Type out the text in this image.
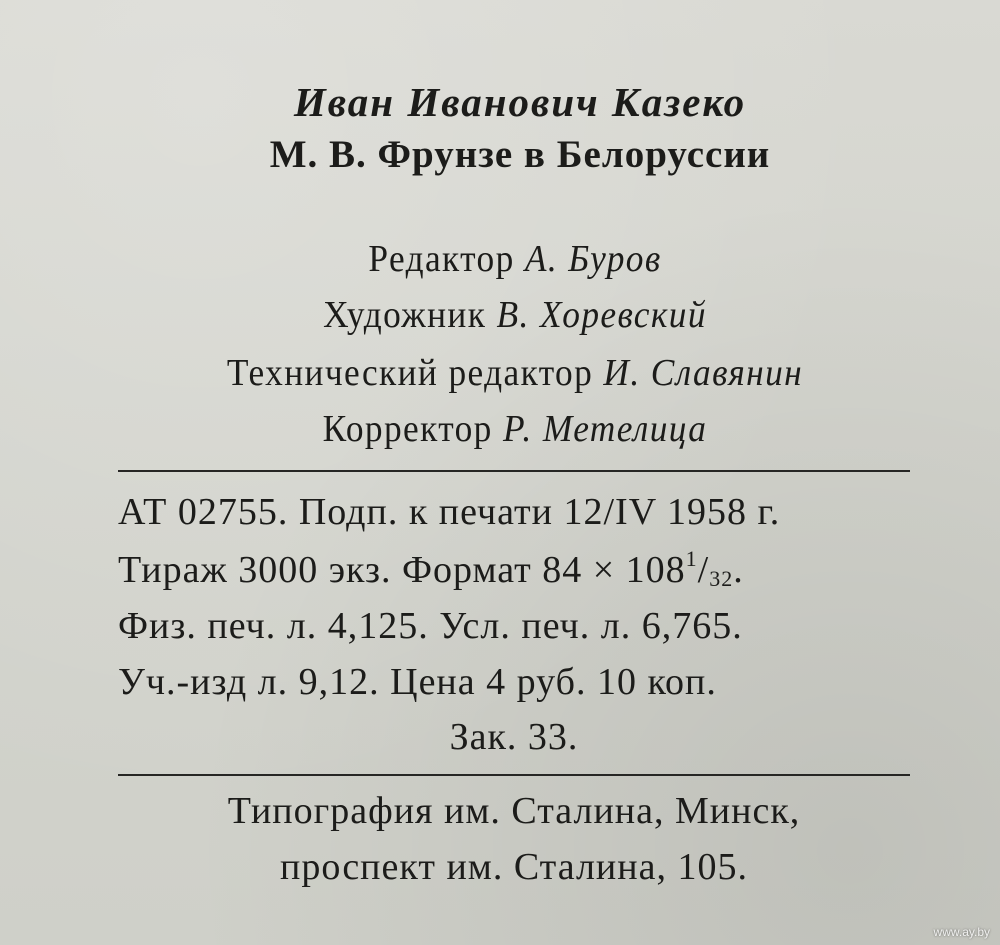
Иван Иванович Казеко
М. В. Фрунзе в Белоруссии
Редактор А. Буров
Художник В. Хоревский
Технический редактор И. Славянин
Корректор Р. Метелица
АТ 02755. Подп. к печати 12/IV 1958 г.
Тираж 3000 экз. Формат $84 \times 108^1/_{32}$.
Физ. печ. л. 4,125. Усл. печ. л. 6,765.
Уч.-изд л. 9,12. Цена 4 руб. 10 коп.
Зак. 33.
Типография им. Сталина, Минск,
проспект им. Сталина, 105.
www.ay.by
